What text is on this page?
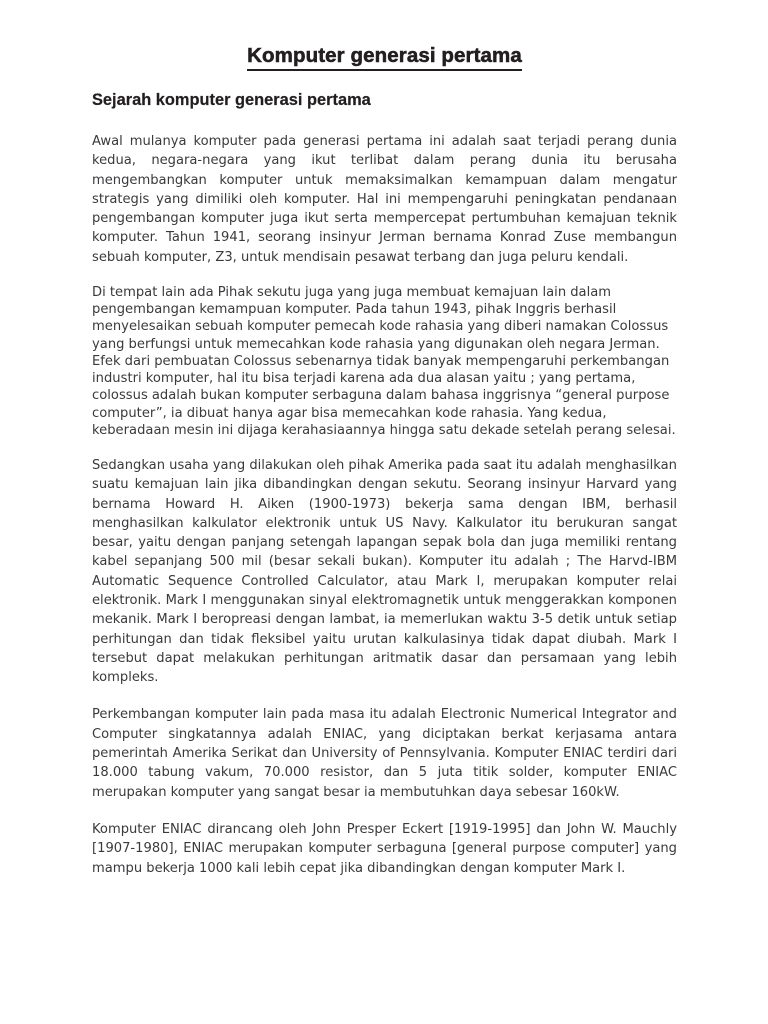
Komputer generasi pertama
Sejarah komputer generasi pertama

Awal mulanya komputer pada generasi pertama ini adalah saat terjadi perang dunia kedua, negara-negara yang ikut terlibat dalam perang dunia itu berusaha mengembangkan komputer untuk memaksimalkan kemampuan dalam mengatur strategis yang dimiliki oleh komputer. Hal ini mempengaruhi peningkatan pendanaan pengembangan komputer juga ikut serta mempercepat pertumbuhan kemajuan teknik komputer. Tahun 1941, seorang insinyur Jerman bernama Konrad Zuse membangun sebuah komputer, Z3, untuk mendisain pesawat terbang dan juga peluru kendali.

Di tempat lain ada Pihak sekutu juga yang juga membuat kemajuan lain dalam pengembangan kemampuan komputer. Pada tahun 1943, pihak Inggris berhasil menyelesaikan sebuah komputer pemecah kode rahasia yang diberi namakan Colossus yang berfungsi untuk memecahkan kode rahasia yang digunakan oleh negara Jerman. Efek dari pembuatan Colossus sebenarnya tidak banyak mempengaruhi perkembangan industri komputer, hal itu bisa terjadi karena ada dua alasan yaitu ; yang pertama, colossus adalah bukan komputer serbaguna dalam bahasa inggrisnya “general purpose computer”, ia dibuat hanya agar bisa memecahkan kode rahasia. Yang kedua, keberadaan mesin ini dijaga kerahasiaannya hingga satu dekade setelah perang selesai.

Sedangkan usaha yang dilakukan oleh pihak Amerika pada saat itu adalah menghasilkan suatu kemajuan lain jika dibandingkan dengan sekutu. Seorang insinyur Harvard yang bernama Howard H. Aiken (1900-1973) bekerja sama dengan IBM, berhasil menghasilkan kalkulator elektronik untuk US Navy. Kalkulator itu berukuran sangat besar, yaitu dengan panjang setengah lapangan sepak bola dan juga memiliki rentang kabel sepanjang 500 mil (besar sekali bukan). Komputer itu adalah ; The Harvd-IBM Automatic Sequence Controlled Calculator, atau Mark I, merupakan komputer relai elektronik. Mark I menggunakan sinyal elektromagnetik untuk menggerakkan komponen mekanik. Mark I beropreasi dengan lambat, ia memerlukan waktu 3-5 detik untuk setiap perhitungan dan tidak fleksibel yaitu urutan kalkulasinya tidak dapat diubah. Mark I tersebut dapat melakukan perhitungan aritmatik dasar dan persamaan yang lebih kompleks.

Perkembangan komputer lain pada masa itu adalah Electronic Numerical Integrator and Computer singkatannya adalah ENIAC, yang diciptakan berkat kerjasama antara pemerintah Amerika Serikat dan University of Pennsylvania. Komputer ENIAC terdiri dari 18.000 tabung vakum, 70.000 resistor, dan 5 juta titik solder, komputer ENIAC merupakan komputer yang sangat besar ia membutuhkan daya sebesar 160kW.

Komputer ENIAC dirancang oleh John Presper Eckert [1919-1995] dan John W. Mauchly [1907-1980], ENIAC merupakan komputer serbaguna [general purpose computer] yang mampu bekerja 1000 kali lebih cepat jika dibandingkan dengan komputer Mark I.
